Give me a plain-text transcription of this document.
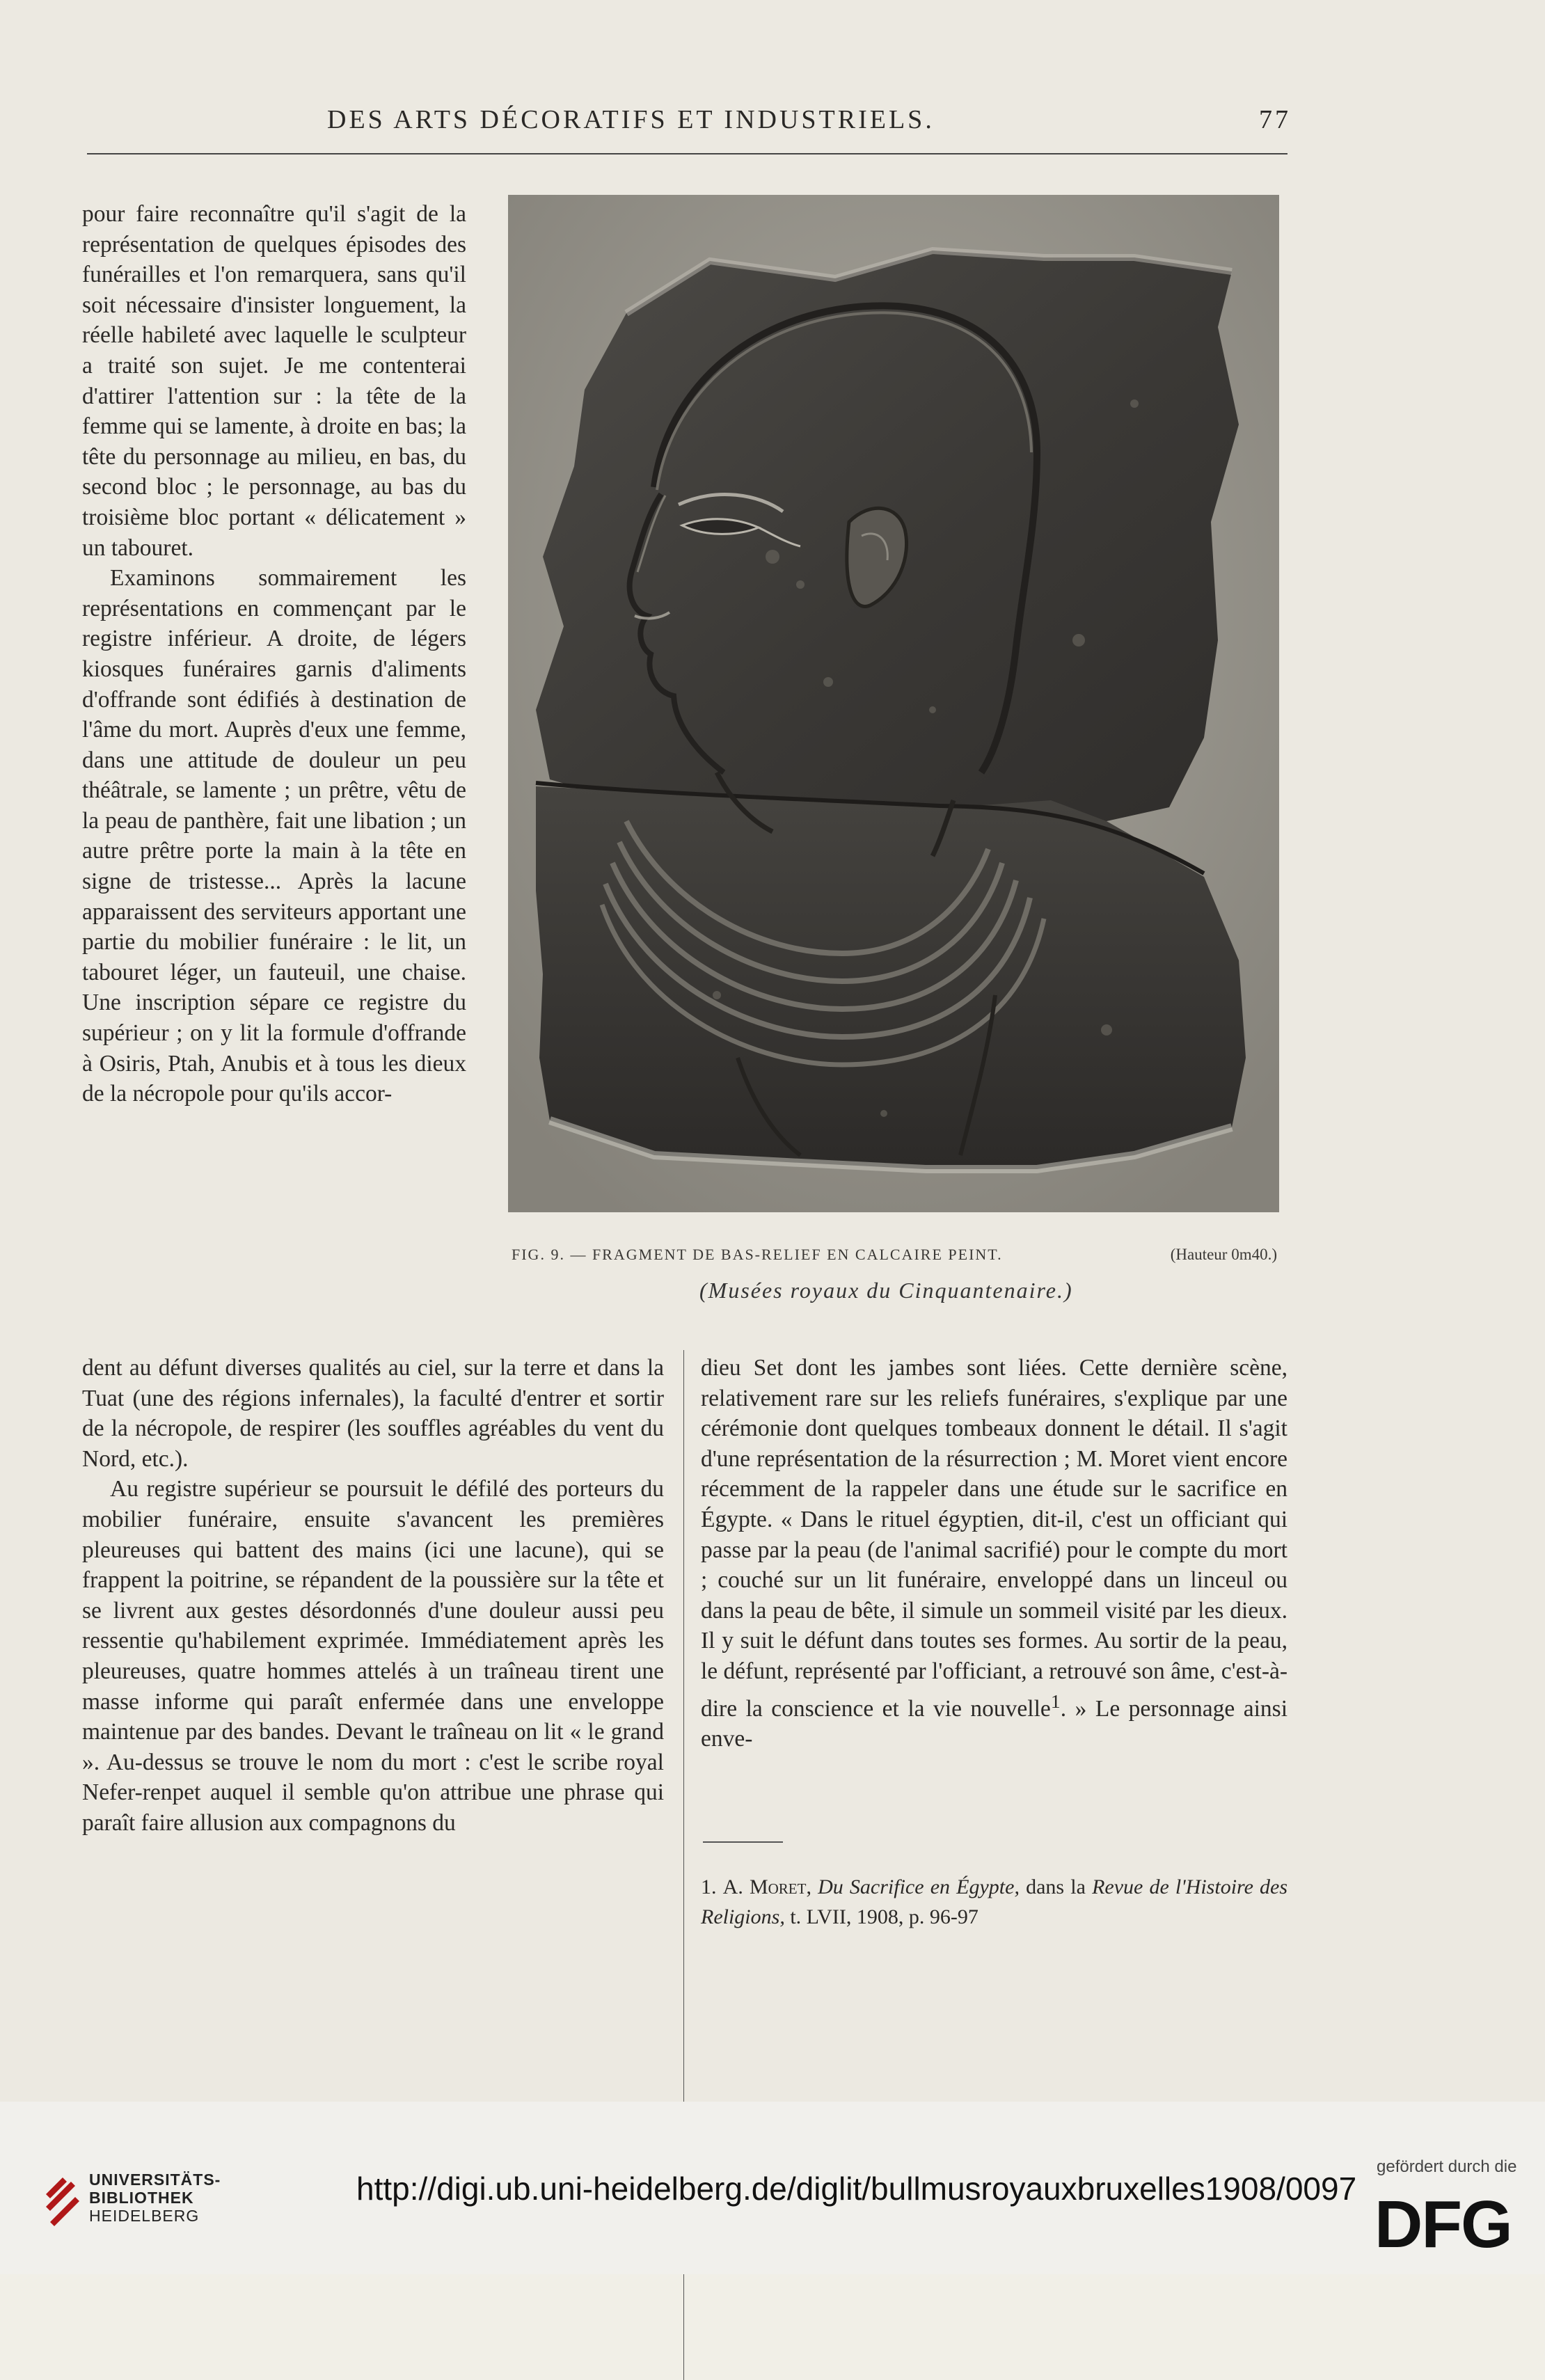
DES ARTS DÉCORATIFS ET INDUSTRIELS.	77

pour faire reconnaître qu'il s'agit de la représentation de quelques épisodes des funérailles et l'on remarquera, sans qu'il soit nécessaire d'insister longuement, la réelle habileté avec laquelle le sculpteur a traité son sujet. Je me contenterai d'attirer l'attention sur : la tête de la femme qui se lamente, à droite en bas; la tête du personnage au milieu, en bas, du second bloc ; le personnage, au bas du troisième bloc portant « délicatement » un tabouret.

Examinons sommairement les représentations en commençant par le registre inférieur. A droite, de légers kiosques funéraires garnis d'aliments d'offrande sont édifiés à destination de l'âme du mort. Auprès d'eux une femme, dans une attitude de douleur un peu théâtrale, se lamente ; un prêtre, vêtu de la peau de panthère, fait une libation ; un autre prêtre porte la main à la tête en signe de tristesse... Après la lacune apparaissent des serviteurs apportant une partie du mobilier funéraire : le lit, un tabouret léger, un fauteuil, une chaise. Une inscription sépare ce registre du supérieur ; on y lit la formule d'offrande à Osiris, Ptah, Anubis et à tous les dieux de la nécropole pour qu'ils accor-

FIG. 9. — FRAGMENT DE BAS-RELIEF EN CALCAIRE PEINT.	(Hauteur 0m40.)
(Musées royaux du Cinquantenaire.)

dent au défunt diverses qualités au ciel, sur la terre et dans la Tuat (une des régions infernales), la faculté d'entrer et sortir de la nécropole, de respirer (les souffles agréables du vent du Nord, etc.).

Au registre supérieur se poursuit le défilé des porteurs du mobilier funéraire, ensuite s'avancent les premières pleureuses qui battent des mains (ici une lacune), qui se frappent la poitrine, se répandent de la poussière sur la tête et se livrent aux gestes désordonnés d'une douleur aussi peu ressentie qu'habilement exprimée. Immédiatement après les pleureuses, quatre hommes attelés à un traîneau tirent une masse informe qui paraît enfermée dans une enveloppe maintenue par des bandes. Devant le traîneau on lit « le grand ». Au-dessus se trouve le nom du mort : c'est le scribe royal Nefer-renpet auquel il semble qu'on attribue une phrase qui paraît faire allusion aux compagnons du

dieu Set dont les jambes sont liées. Cette dernière scène, relativement rare sur les reliefs funéraires, s'explique par une cérémonie dont quelques tombeaux donnent le détail. Il s'agit d'une représentation de la résurrection ; M. Moret vient encore récemment de la rappeler dans une étude sur le sacrifice en Égypte. « Dans le rituel égyptien, dit-il, c'est un officiant qui passe par la peau (de l'animal sacrifié) pour le compte du mort ; couché sur un lit funéraire, enveloppé dans un linceul ou dans la peau de bête, il simule un sommeil visité par les dieux. Il y suit le défunt dans toutes ses formes. Au sortir de la peau, le défunt, représenté par l'officiant, a retrouvé son âme, c'est-à-dire la conscience et la vie nouvelle$^1$. » Le personnage ainsi enve-

1. A. Moret, Du Sacrifice en Égypte, dans la Revue de l'Histoire des Religions, t. LVII, 1908, p. 96-97
UNIVERSITÄTS-
BIBLIOTHEK
HEIDELBERG
http://digi.ub.uni-heidelberg.de/diglit/bullmusroyauxbruxelles1908/0097
gefördert durch die
DFG
